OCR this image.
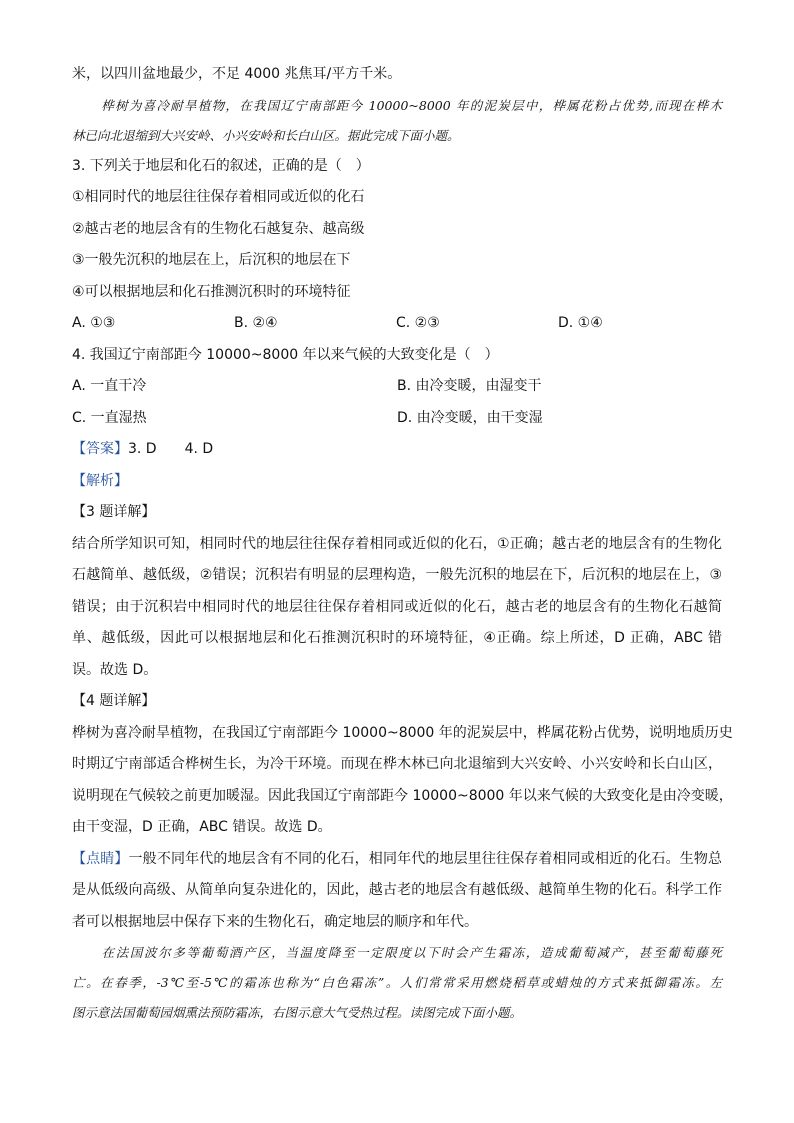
米，以四川盆地最少，不足 4000 兆焦耳/平方千米。
桦树为喜冷耐旱植物，在我国辽宁南部距今 10000~8000 年的泥炭层中，桦属花粉占优势,而现在桦木
林已向北退缩到大兴安岭、小兴安岭和长白山区。据此完成下面小题。
3. 下列关于地层和化石的叙述，正确的是（　）
①相同时代的地层往往保存着相同或近似的化石
②越古老的地层含有的生物化石越复杂、越高级
③一般先沉积的地层在上，后沉积的地层在下
④可以根据地层和化石推测沉积时的环境特征
A. ①③	B. ②④	C. ②③	D. ①④
4. 我国辽宁南部距今 10000~8000 年以来气候的大致变化是（　）
A. 一直干冷	B. 由冷变暖，由湿变干
C. 一直湿热	D. 由冷变暖，由干变湿
【答案】3. D 4. D
【解析】
【3 题详解】
结合所学知识可知，相同时代的地层往往保存着相同或近似的化石，①正确；越古老的地层含有的生物化
石越简单、越低级，②错误；沉积岩有明显的层理构造，一般先沉积的地层在下，后沉积的地层在上，③
错误；由于沉积岩中相同时代的地层往往保存着相同或近似的化石，越古老的地层含有的生物化石越简
单、越低级，因此可以根据地层和化石推测沉积时的环境特征，④正确。综上所述，D 正确，ABC 错
误。故选 D。
【4 题详解】
桦树为喜冷耐旱植物，在我国辽宁南部距今 10000~8000 年的泥炭层中，桦属花粉占优势，说明地质历史
时期辽宁南部适合桦树生长，为冷干环境。而现在桦木林已向北退缩到大兴安岭、小兴安岭和长白山区，
说明现在气候较之前更加暖湿。因此我国辽宁南部距今 10000~8000 年以来气候的大致变化是由冷变暖，
由干变湿，D 正确，ABC 错误。故选 D。
【点睛】一般不同年代的地层含有不同的化石，相同年代的地层里往往保存着相同或相近的化石。生物总
是从低级向高级、从简单向复杂进化的，因此，越古老的地层含有越低级、越简单生物的化石。科学工作
者可以根据地层中保存下来的生物化石，确定地层的顺序和年代。
在法国波尔多等葡萄酒产区，当温度降至一定限度以下时会产生霜冻，造成葡萄减产，甚至葡萄藤死
亡。在春季，-3℃至-5℃的霜冻也称为“白色霜冻”。人们常常采用燃烧稻草或蜡烛的方式来抵御霜冻。左
图示意法国葡萄园烟熏法预防霜冻，右图示意大气受热过程。读图完成下面小题。
